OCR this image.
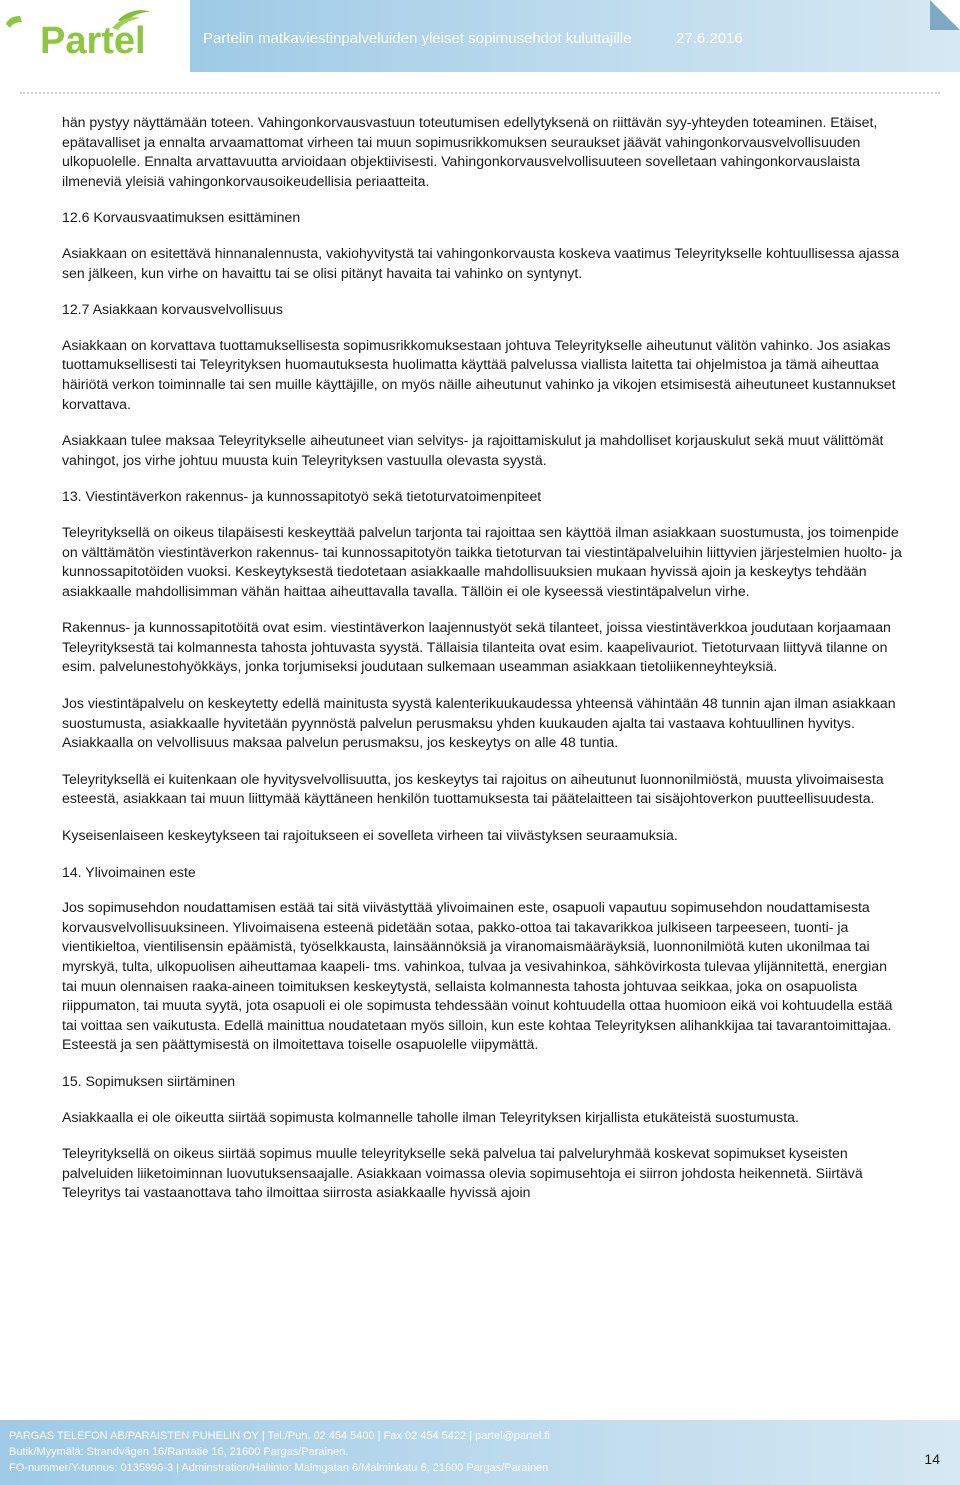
Partel	Partelin matkaviestinpalveluiden yleiset sopimusehdot kuluttajille	27.6.2016

hän pystyy näyttämään toteen. Vahingonkorvausvastuun toteutumisen edellytyksenä on riittävän syy-yhteyden toteaminen. Etäiset, epätavalliset ja ennalta arvaamattomat virheen tai muun sopimusrikkomuksen seuraukset jäävät vahingonkorvausvelvollisuuden ulkopuolelle. Ennalta arvattavuutta arvioidaan objektiivisesti. Vahingonkorvausvelvollisuuteen sovelletaan vahingonkorvauslaista ilmeneviä yleisiä vahingonkorvausoikeudellisia periaatteita.

12.6 Korvausvaatimuksen esittäminen

Asiakkaan on esitettävä hinnanalennusta, vakiohyvitystä tai vahingonkorvausta koskeva vaatimus Teleyritykselle kohtuullisessa ajassa sen jälkeen, kun virhe on havaittu tai se olisi pitänyt havaita tai vahinko on syntynyt.

12.7 Asiakkaan korvausvelvollisuus

Asiakkaan on korvattava tuottamuksellisesta sopimusrikkomuksestaan johtuva Teleyritykselle aiheutunut välitön vahinko. Jos asiakas tuottamuksellisesti tai Teleyrityksen huomautuksesta huolimatta käyttää palvelussa viallista laitetta tai ohjelmistoa ja tämä aiheuttaa häiriötä verkon toiminnalle tai sen muille käyttäjille, on myös näille aiheutunut vahinko ja vikojen etsimisestä aiheutuneet kustannukset korvattava.

Asiakkaan tulee maksaa Teleyritykselle aiheutuneet vian selvitys- ja rajoittamiskulut ja mahdolliset korjauskulut sekä muut välittömät vahingot, jos virhe johtuu muusta kuin Teleyrityksen vastuulla olevasta syystä.

13. Viestintäverkon rakennus- ja kunnossapitotyö sekä tietoturvatoimenpiteet

Teleyrityksellä on oikeus tilapäisesti keskeyttää palvelun tarjonta tai rajoittaa sen käyttöä ilman asiakkaan suostumusta, jos toimenpide on välttämätön viestintäverkon rakennus- tai kunnossapitotyön taikka tietoturvan tai viestintäpalveluihin liittyvien järjestelmien huolto- ja kunnossapitotöiden vuoksi. Keskeytyksestä tiedotetaan asiakkaalle mahdollisuuksien mukaan hyvissä ajoin ja keskeytys tehdään asiakkaalle mahdollisimman vähän haittaa aiheuttavalla tavalla. Tällöin ei ole kyseessä viestintäpalvelun virhe.

Rakennus- ja kunnossapitotöitä ovat esim. viestintäverkon laajennustyöt sekä tilanteet, joissa viestintäverkkoa joudutaan korjaamaan Teleyrityksestä tai kolmannesta tahosta johtuvasta syystä. Tällaisia tilanteita ovat esim. kaapelivauriot. Tietoturvaan liittyvä tilanne on esim. palvelunestohyökkäys, jonka torjumiseksi joudutaan sulkemaan useamman asiakkaan tietoliikenneyhteyksiä.

Jos viestintäpalvelu on keskeytetty edellä mainitusta syystä kalenterikuukaudessa yhteensä vähintään 48 tunnin ajan ilman asiakkaan suostumusta, asiakkaalle hyvitetään pyynnöstä palvelun perusmaksu yhden kuukauden ajalta tai vastaava kohtuullinen hyvitys. Asiakkaalla on velvollisuus maksaa palvelun perusmaksu, jos keskeytys on alle 48 tuntia.

Teleyrityksellä ei kuitenkaan ole hyvitysvelvollisuutta, jos keskeytys tai rajoitus on aiheutunut luonnonilmiöstä, muusta ylivoimaisesta esteestä, asiakkaan tai muun liittymää käyttäneen henkilön tuottamuksesta tai päätelaitteen tai sisäjohtoverkon puutteellisuudesta.

Kyseisenlaiseen keskeytykseen tai rajoitukseen ei sovelleta virheen tai viivästyksen seuraamuksia.

14. Ylivoimainen este

Jos sopimusehdon noudattamisen estää tai sitä viivästyttää ylivoimainen este, osapuoli vapautuu sopimusehdon noudattamisesta korvausvelvollisuuksineen. Ylivoimaisena esteenä pidetään sotaa, pakko-ottoa tai takavarikkoa julkiseen tarpeeseen, tuonti- ja vientikieltoa, vientilisensin epäämistä, työselkkausta, lainsäännöksiä ja viranomaismääräyksiä, luonnonilmiötä kuten ukonilmaa tai myrskyä, tulta, ulkopuolisen aiheuttamaa kaapeli- tms. vahinkoa, tulvaa ja vesivahinkoa, sähkövirkosta tulevaa ylijännitettä, energian tai muun olennaisen raaka-aineen toimituksen keskeytystä, sellaista kolmannesta tahosta johtuvaa seikkaa, joka on osapuolista riippumaton, tai muuta syytä, jota osapuoli ei ole sopimusta tehdessään voinut kohtuudella ottaa huomioon eikä voi kohtuudella estää tai voittaa sen vaikutusta. Edellä mainittua noudatetaan myös silloin, kun este kohtaa Teleyrityksen alihankkijaa tai tavarantoimittajaa. Esteestä ja sen päättymisestä on ilmoitettava toiselle osapuolelle viipymättä.

15. Sopimuksen siirtäminen

Asiakkaalla ei ole oikeutta siirtää sopimusta kolmannelle taholle ilman Teleyrityksen kirjallista etukäteistä suostumusta.

Teleyrityksellä on oikeus siirtää sopimus muulle teleyritykselle sekä palvelua tai palveluryhmää koskevat sopimukset kyseisten palveluiden liiketoiminnan luovutuksensaajalle. Asiakkaan voimassa olevia sopimusehtoja ei siirron johdosta heikennetä. Siirtävä Teleyritys tai vastaanottava taho ilmoittaa siirrosta asiakkaalle hyvissä ajoin

PARGAS TELEFON AB/PARAISTEN PUHELIN OY | Tel./Puh. 02 454 5400 | Fax 02 454 5422 | partel@partel.fi
Butik/Myymälä: Strandvägen 16/Rantatie 16, 21600 Pargas/Parainen.
FO-nummer/Y-tunnus: 0135996-3 | Adminstration/Hallinto: Malmgatan 6/Malminkatu 6, 21600 Pargas/Parainen
14
